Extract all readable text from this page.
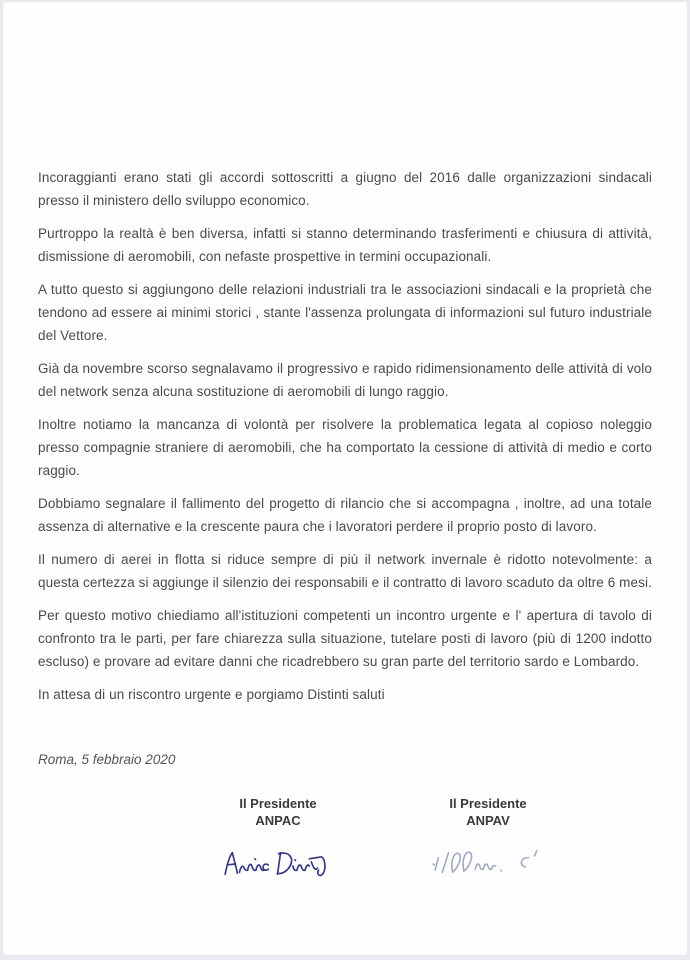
Incoraggianti erano stati gli accordi sottoscritti a giugno del 2016 dalle organizzazioni sindacali presso il ministero dello sviluppo economico.

Purtroppo la realtà è ben diversa, infatti si stanno determinando trasferimenti e chiusura di attività, dismissione di aeromobili, con nefaste prospettive in termini occupazionali.

A tutto questo si aggiungono delle relazioni industriali tra le associazioni sindacali e la proprietà che tendono ad essere ai minimi storici , stante l'assenza prolungata di informazioni sul futuro industriale del Vettore.

Già da novembre scorso segnalavamo il progressivo e rapido ridimensionamento delle attività di volo del network senza alcuna sostituzione di aeromobili di lungo raggio.

Inoltre notiamo la mancanza di volontà per risolvere la problematica legata al copioso noleggio presso compagnie straniere di aeromobili, che ha comportato la cessione di attività di medio e corto raggio.

Dobbiamo segnalare il fallimento del progetto di rilancio che si accompagna , inoltre, ad una totale assenza di alternative e la crescente paura che i lavoratori perdere il proprio posto di lavoro.

Il numero di aerei in flotta si riduce sempre di più il network invernale è ridotto notevolmente: a questa certezza si aggiunge il silenzio dei responsabili e il contratto di lavoro scaduto da oltre 6 mesi.

Per questo motivo chiediamo all'istituzioni competenti un incontro urgente e l' apertura di tavolo di confronto tra le parti, per fare chiarezza sulla situazione, tutelare posti di lavoro (più di 1200 indotto escluso) e provare ad evitare danni che ricadrebbero su gran parte del territorio sardo e Lombardo.

In attesa di un riscontro urgente e porgiamo Distinti saluti

Roma, 5 febbraio 2020
Il Presidente
ANPAC
Il Presidente
ANPAV
